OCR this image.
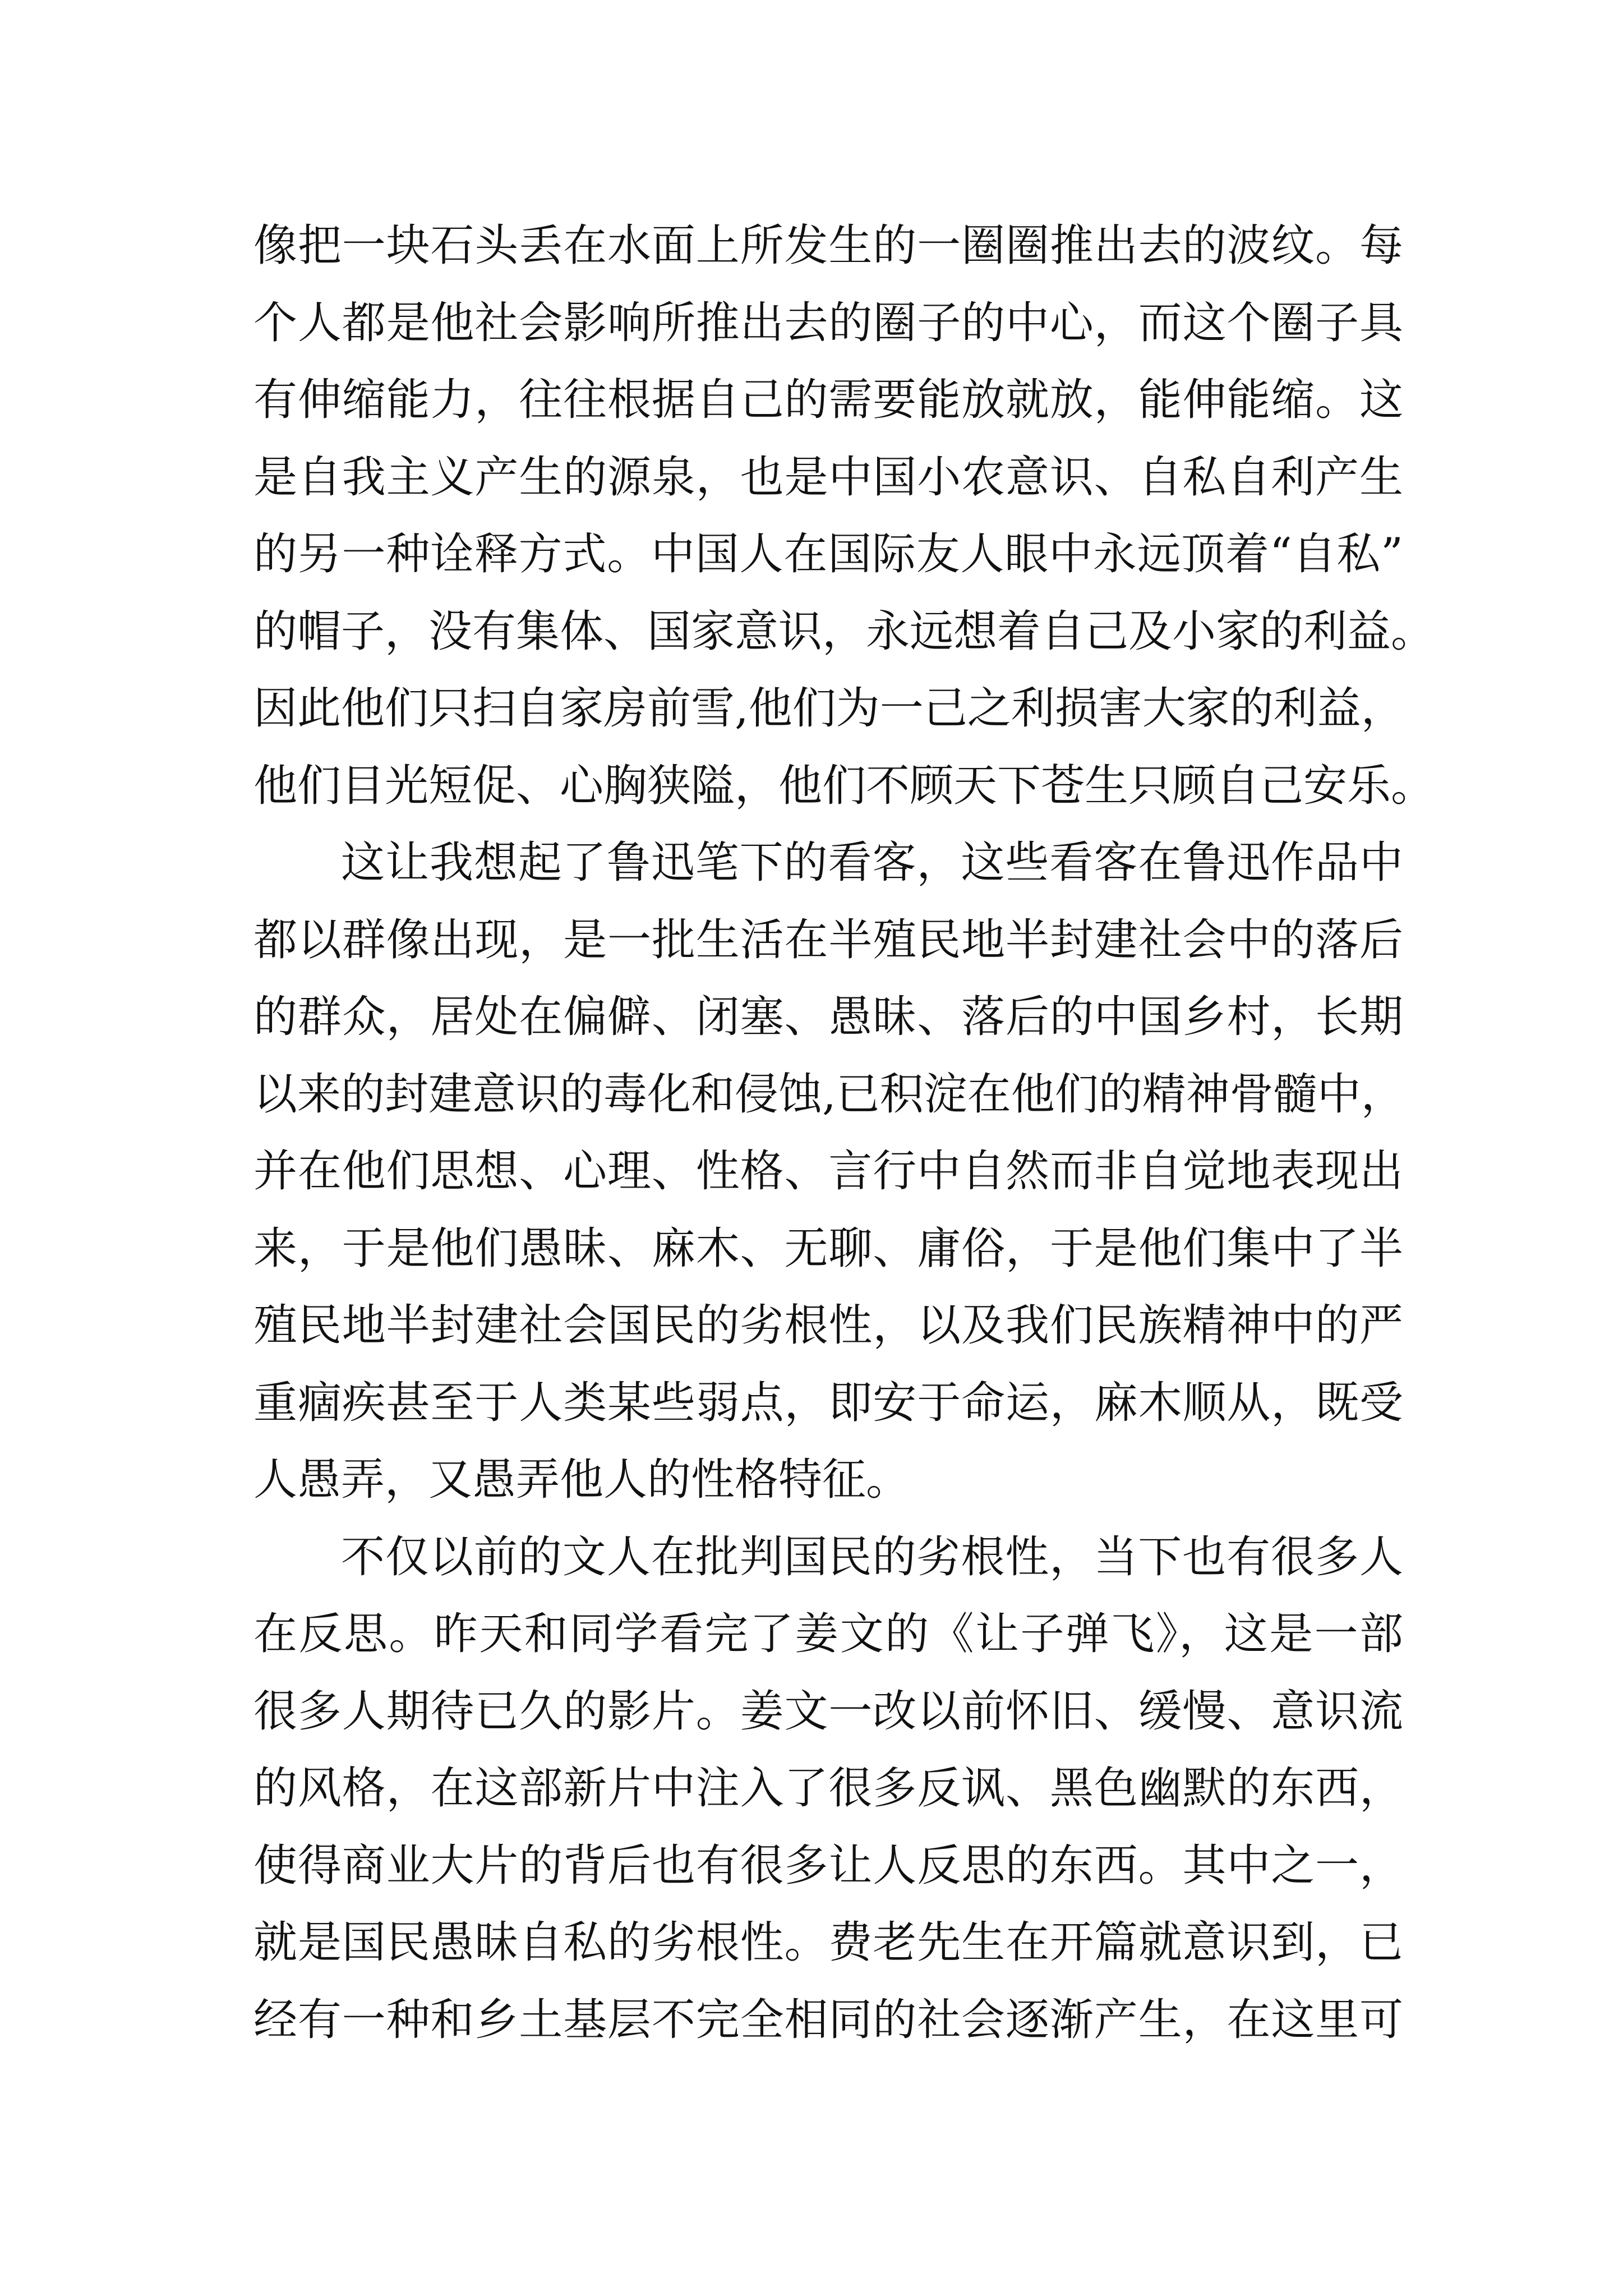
像把一块石头丢在水面上所发生的一圈圈推出去的波纹。每
个人都是他社会影响所推出去的圈子的中心，而这个圈子具
有伸缩能力，往往根据自己的需要能放就放，能伸能缩。这
是自我主义产生的源泉，也是中国小农意识、自私自利产生
的另一种诠释方式。中国人在国际友人眼中永远顶着“自私”
的帽子，没有集体、国家意识，永远想着自己及小家的利益。
因此他们只扫自家房前雪,他们为一己之利损害大家的利益，
他们目光短促、心胸狭隘，他们不顾天下苍生只顾自己安乐。
这让我想起了鲁迅笔下的看客，这些看客在鲁迅作品中
都以群像出现，是一批生活在半殖民地半封建社会中的落后
的群众，居处在偏僻、闭塞、愚昧、落后的中国乡村，长期
以来的封建意识的毒化和侵蚀,已积淀在他们的精神骨髓中，
并在他们思想、心理、性格、言行中自然而非自觉地表现出
来，于是他们愚昧、麻木、无聊、庸俗，于是他们集中了半
殖民地半封建社会国民的劣根性，以及我们民族精神中的严
重痼疾甚至于人类某些弱点，即安于命运，麻木顺从，既受
人愚弄，又愚弄他人的性格特征。
不仅以前的文人在批判国民的劣根性，当下也有很多人
在反思。昨天和同学看完了姜文的《让子弹飞》，这是一部
很多人期待已久的影片。姜文一改以前怀旧、缓慢、意识流
的风格，在这部新片中注入了很多反讽、黑色幽默的东西，
使得商业大片的背后也有很多让人反思的东西。其中之一，
就是国民愚昧自私的劣根性。费老先生在开篇就意识到，已
经有一种和乡土基层不完全相同的社会逐渐产生，在这里可
